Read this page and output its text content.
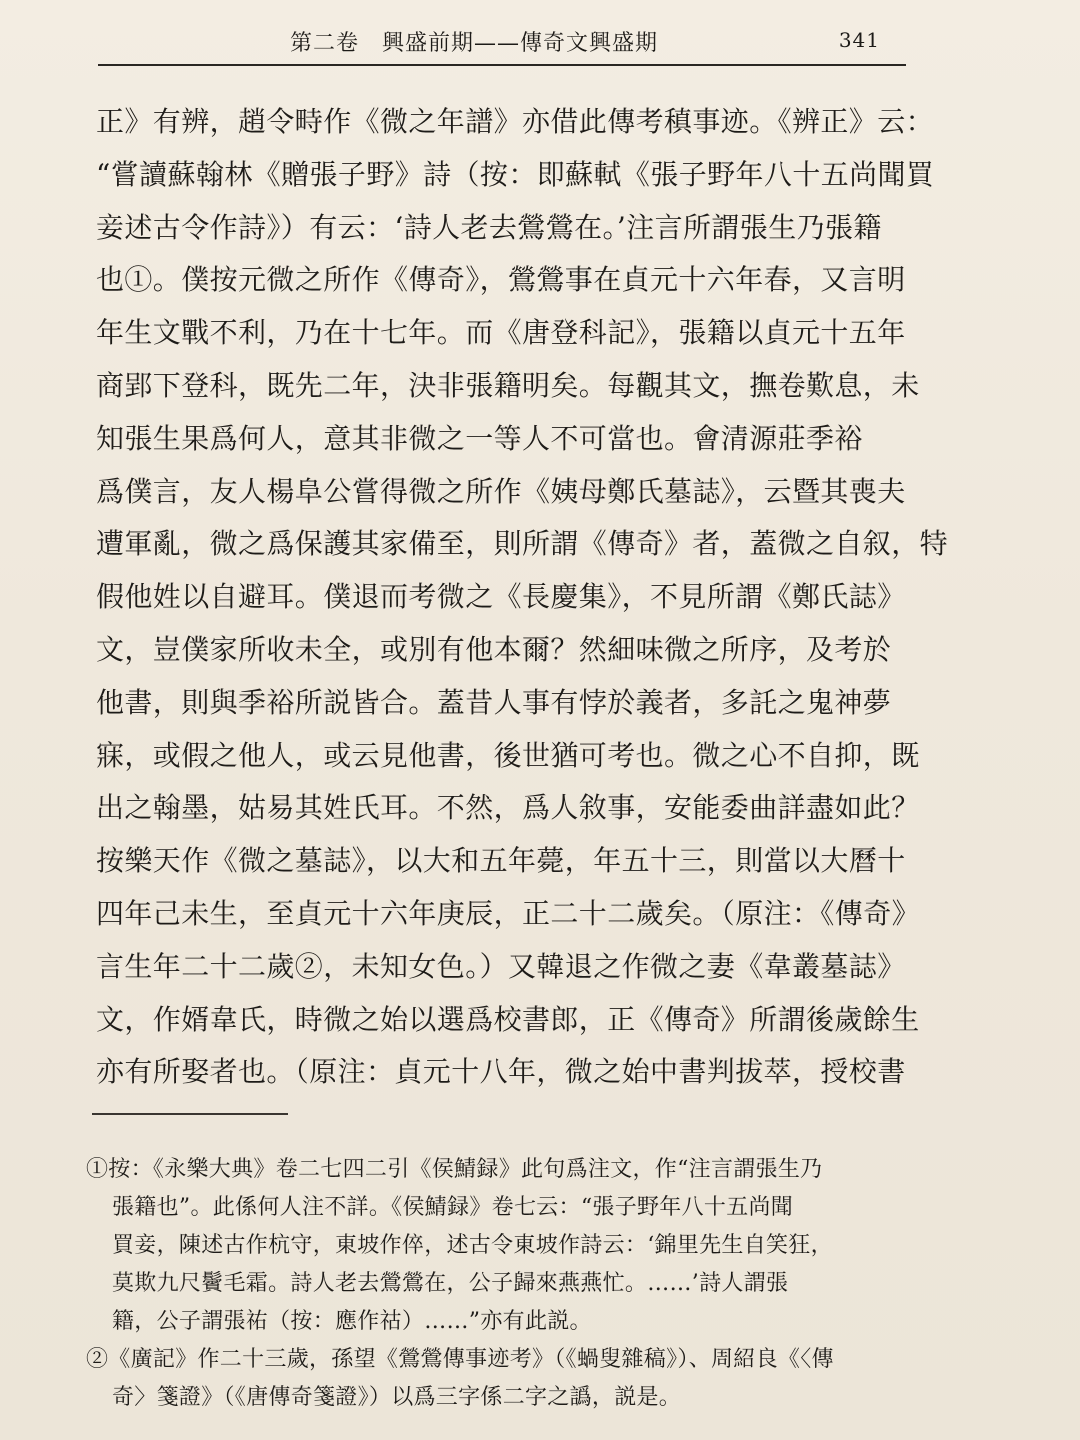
第二卷　興盛前期——傳奇文興盛期	341
正》有辨，趙令畤作《微之年譜》亦借此傳考稹事迹。《辨正》云：
“嘗讀蘇翰林《贈張子野》詩（按：即蘇軾《張子野年八十五尚聞買
妾述古令作詩》）有云：‘詩人老去鶯鶯在。’注言所謂張生乃張籍
也①。僕按元微之所作《傳奇》，鶯鶯事在貞元十六年春，又言明
年生文戰不利，乃在十七年。而《唐登科記》，張籍以貞元十五年
商郢下登科，既先二年，決非張籍明矣。每觀其文，撫卷歎息，未
知張生果爲何人，意其非微之一等人不可當也。會清源莊季裕
爲僕言，友人楊阜公嘗得微之所作《姨母鄭氏墓誌》，云暨其喪夫
遭軍亂，微之爲保護其家備至，則所謂《傳奇》者，蓋微之自叙，特
假他姓以自避耳。僕退而考微之《長慶集》，不見所謂《鄭氏誌》
文，豈僕家所收未全，或別有他本爾？然細味微之所序，及考於
他書，則與季裕所説皆合。蓋昔人事有悖於義者，多託之鬼神夢
寐，或假之他人，或云見他書，後世猶可考也。微之心不自抑，既
出之翰墨，姑易其姓氏耳。不然，爲人敘事，安能委曲詳盡如此？
按樂天作《微之墓誌》，以大和五年薨，年五十三，則當以大曆十
四年己未生，至貞元十六年庚辰，正二十二歲矣。（原注：《傳奇》
言生年二十二歲②，未知女色。）又韓退之作微之妻《韋叢墓誌》
文，作婿韋氏，時微之始以選爲校書郎，正《傳奇》所謂後歲餘生
亦有所娶者也。（原注：貞元十八年，微之始中書判拔萃，授校書
①按：《永樂大典》卷二七四二引《侯鯖録》此句爲注文，作“注言謂張生乃
張籍也”。此係何人注不詳。《侯鯖録》卷七云：“張子野年八十五尚聞
買妾，陳述古作杭守，東坡作倅，述古令東坡作詩云：‘錦里先生自笑狂，
莫欺九尺鬢毛霜。詩人老去鶯鶯在，公子歸來燕燕忙。……’詩人謂張
籍，公子謂張祐（按：應作祜）……”亦有此説。
②《廣記》作二十三歲，孫望《鶯鶯傳事迹考》（《蝸叟雜稿》）、周紹良《〈傳
奇〉箋證》（《唐傳奇箋證》）以爲三字係二字之譌，説是。
